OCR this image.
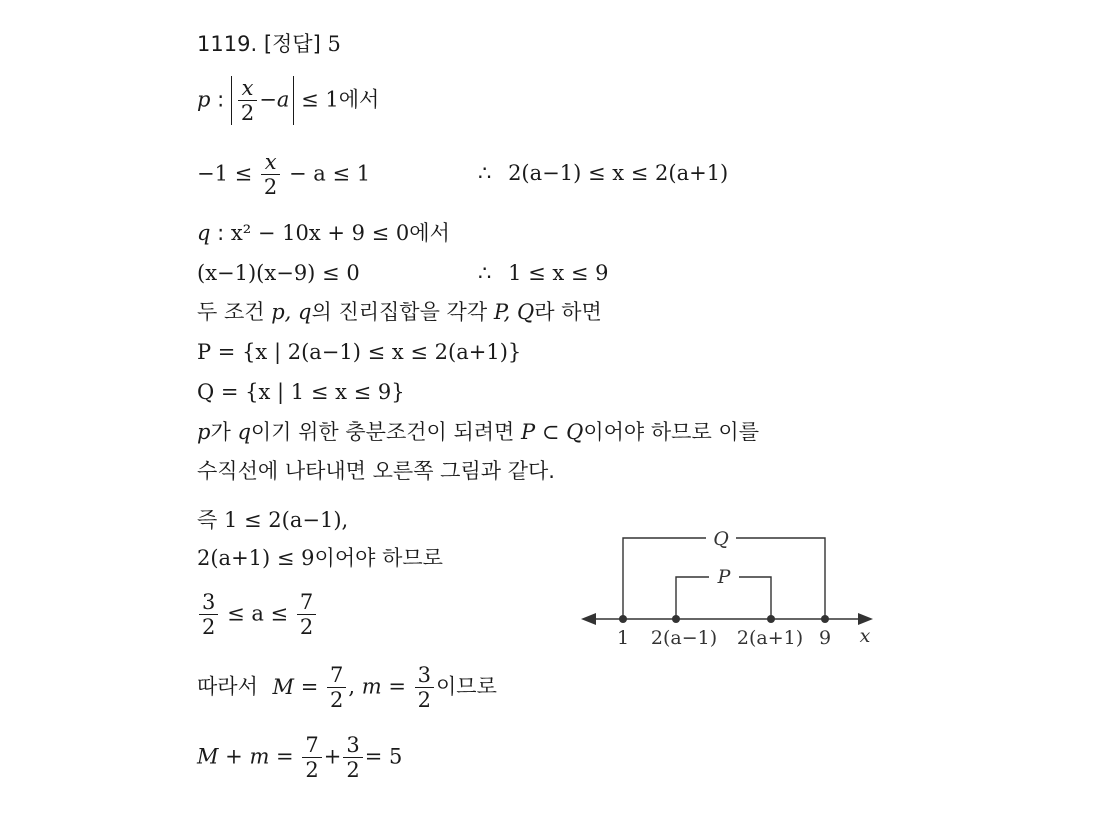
1119. [정답] 5
p : $\frac{x}{2} -a \le 1$에서
$-1 \le \frac{x}{2} - a \le 1$	∴ 2(a−1) ≤ x ≤ 2(a+1)
q : x² − 10x + 9 ≤ 0에서
(x−1)(x−9) ≤ 0	∴ 1 ≤ x ≤ 9
두 조건 p, q의 진리집합을 각각 P, Q라 하면
P = {x | 2(a−1) ≤ x ≤ 2(a+1)}
Q = {x | 1 ≤ x ≤ 9}
p가 q이기 위한 충분조건이 되려면 P ⊂ Q이어야 하므로 이를
수직선에 나타내면 오른쪽 그림과 같다.
즉 1 ≤ 2(a−1),
2(a+1) ≤ 9이어야 하므로
$\frac{3}{2} \le a \le \frac{7}{2}$
따라서 $M = \frac{7}{2}$ , $m = \frac{3}{2}$ 이므로
$M + m = \frac{7}{2} + \frac{3}{2} = 5$
Q
P
1 2(a−1) 2(a+1) 9 x
